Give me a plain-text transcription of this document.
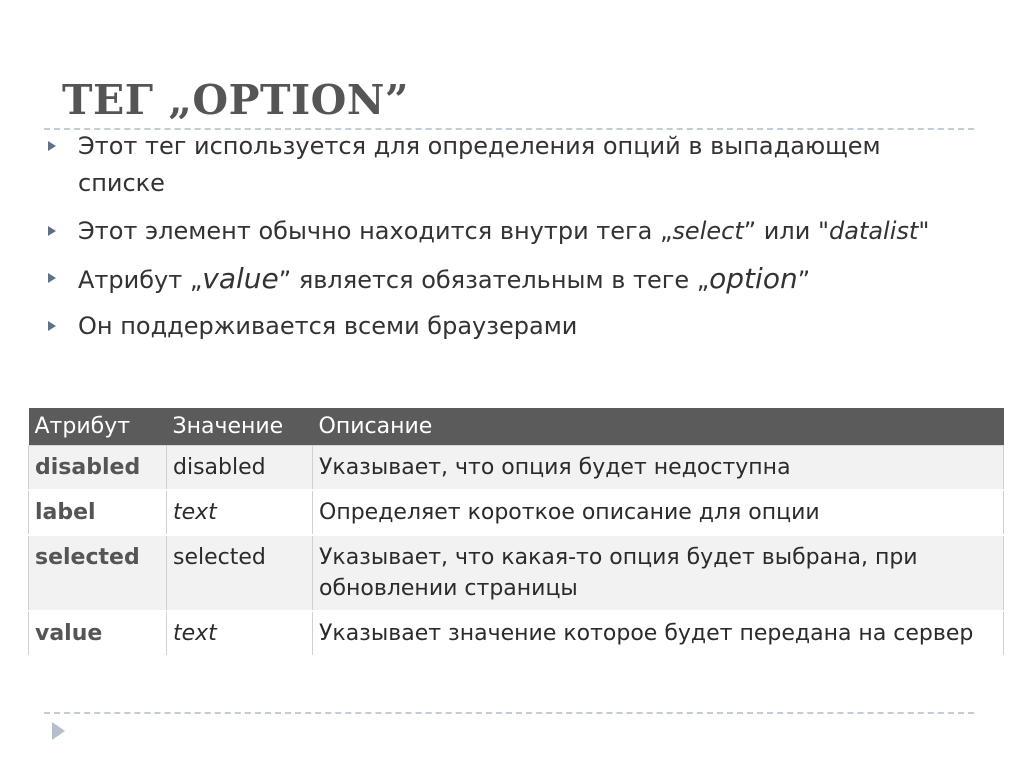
ТЕГ „OPTION”
Этот тег используется для определения опций в выпадающем списке
Этот элемент обычно находится внутри тега „select” или "datalist"
Атрибут „value” является обязательным в теге „option”
Он поддерживается всеми браузерами
Атрибут	Значение	Описание
disabled	disabled	Указывает, что опция будет недоступна
label	text	Определяет короткое описание для опции
selected	selected	Указывает, что какая-то опция будет выбрана, при обновлении страницы
value	text	Указывает значение которое будет передана на сервер
